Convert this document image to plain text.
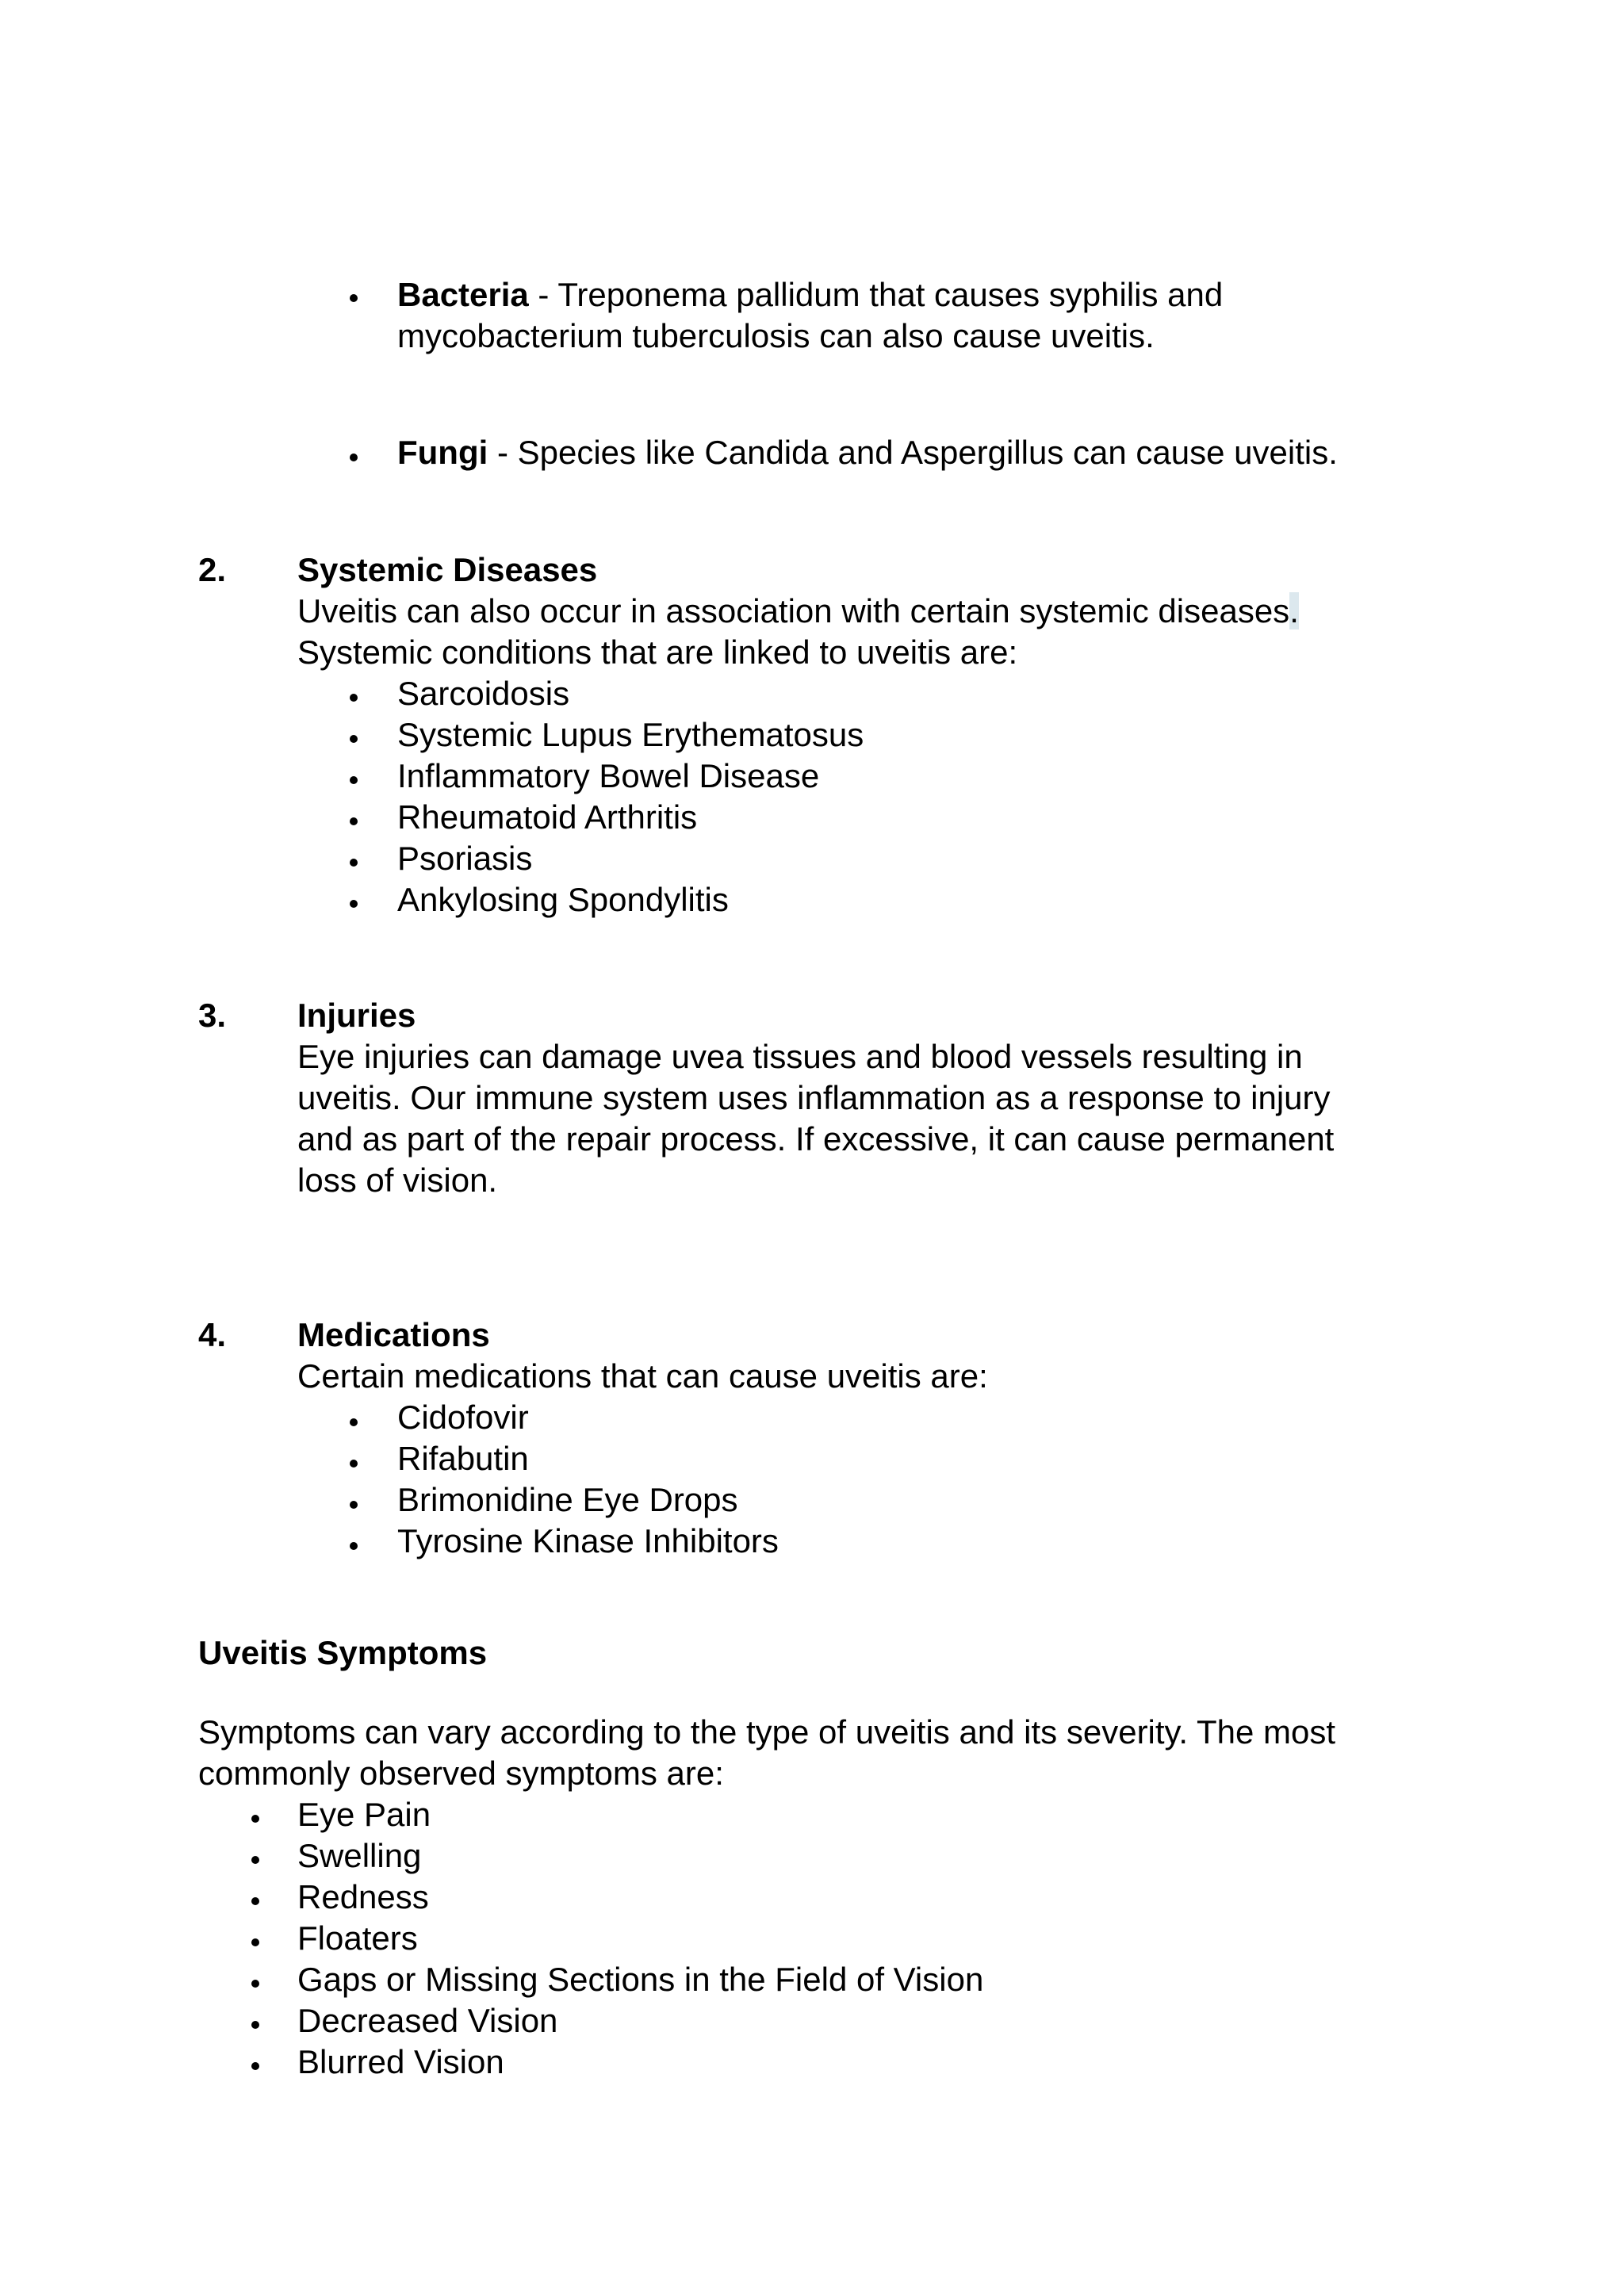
Bacteria - Treponema pallidum that causes syphilis and
mycobacterium tuberculosis can also cause uveitis.
Fungi - Species like Candida and Aspergillus can cause uveitis.
2. Systemic Diseases
Uveitis can also occur in association with certain systemic diseases.
Systemic conditions that are linked to uveitis are:
Sarcoidosis
Systemic Lupus Erythematosus
Inflammatory Bowel Disease
Rheumatoid Arthritis
Psoriasis
Ankylosing Spondylitis
3. Injuries
Eye injuries can damage uvea tissues and blood vessels resulting in
uveitis. Our immune system uses inflammation as a response to injury
and as part of the repair process. If excessive, it can cause permanent
loss of vision.
4. Medications
Certain medications that can cause uveitis are:
Cidofovir
Rifabutin
Brimonidine Eye Drops
Tyrosine Kinase Inhibitors
Uveitis Symptoms
Symptoms can vary according to the type of uveitis and its severity. The most
commonly observed symptoms are:
Eye Pain
Swelling
Redness
Floaters
Gaps or Missing Sections in the Field of Vision
Decreased Vision
Blurred Vision
